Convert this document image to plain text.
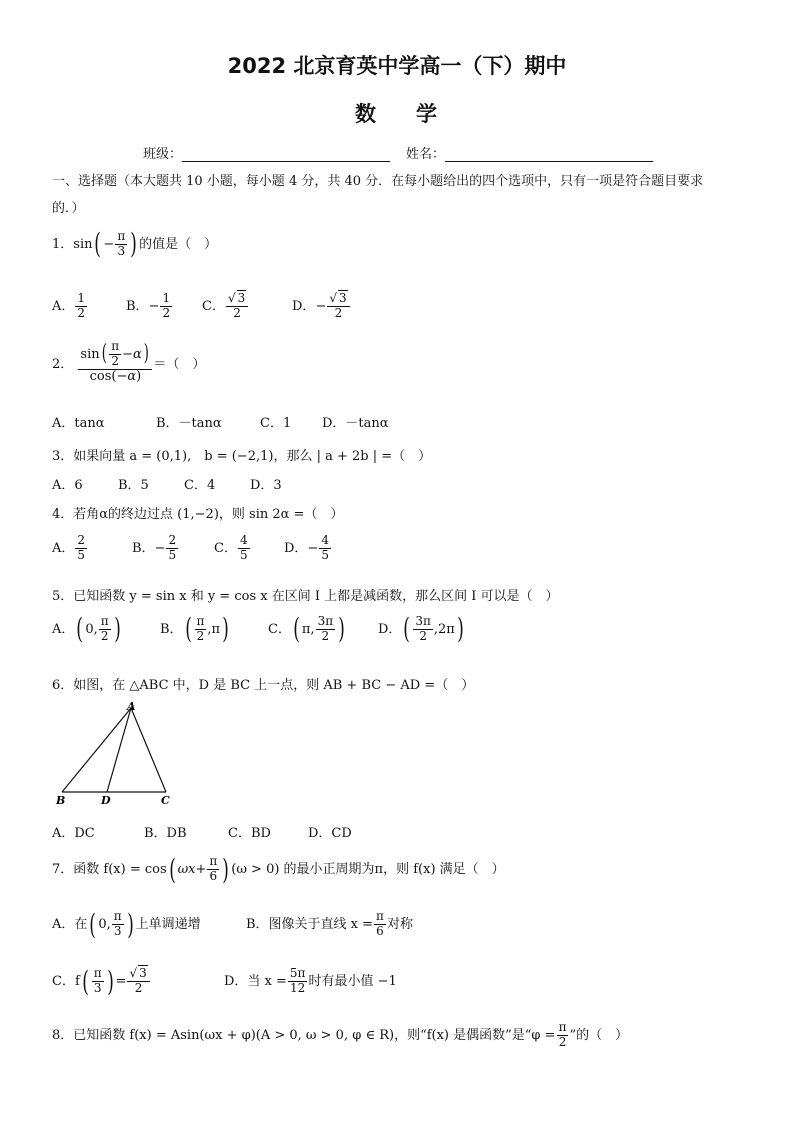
2022 北京育英中学高一（下）期中
数学
班级：	姓名：
一、选择题（本大题共 10 小题，每小题 4 分，共 40 分．在每小题给出的四个选项中，只有一项是符合题目要求
的．）
1．$\sin( - \frac{\pi}{3}$ ) 的值是（　）
A． $\frac{1}{2}$	B．− $\frac{1}{2}$ C． $\frac{√ 3}{2}$	D．− $\frac{√ 3}{2}$
2． $\frac{\sin( \frac{\pi}{2} -\alpha)}{\cos(-\alpha)}$ ＝（　）
A．tanα	B．－tanα	C．1 D．－tanα
3．如果向量 a = (0,1),　b = (−2,1)，那么 | a + 2b | =（　）
A．6	B．5	C．4	D．3
4．若角α的终边过点 (1,−2)，则 sin 2α =（　）
A． $\frac{2}{5}$	B．− $\frac{2}{5}$	C． $\frac{4}{5}$	D．− $\frac{4}{5}$
5．已知函数 y = sin x 和 y = cos x 在区间 I 上都是减函数，那么区间 I 可以是（　）
A．( 0, $\frac{\pi}{2}$ )	B．( $\frac{\pi}{2} ,\pi$)	C．( π, $\frac{3\pi}{2}$ )	D．( $\frac{3\pi}{2} ,2\pi$)
6．如图，在 △ABC 中，D 是 BC 上一点，则 AB + BC − AD =（　）
A
B	D	C
A．DC	B．DB	C．BD	D．CD
7．函数 f(x) = cos( $\omega x+ \frac{\pi}{6}$ ) (ω > 0) 的最小正周期为π，则 f(x) 满足（　）
A．在( 0, $\frac{\pi}{3}$ ) 上单调递增	B．图像关于直线 $x = \frac{\pi}{6}$ 对称
C．$f( \frac{\pi}{3}$ ) = $\frac{√ 3}{2}$	D．当 $x = \frac{5\pi}{12}$ 时有最小值 −1
8．已知函数 f(x) = Asin(ωx + φ)(A > 0, ω > 0, φ ∈ R)，则“f(x) 是偶函数”是“$\varphi = \frac{\pi}{2}$ ”的（　）
